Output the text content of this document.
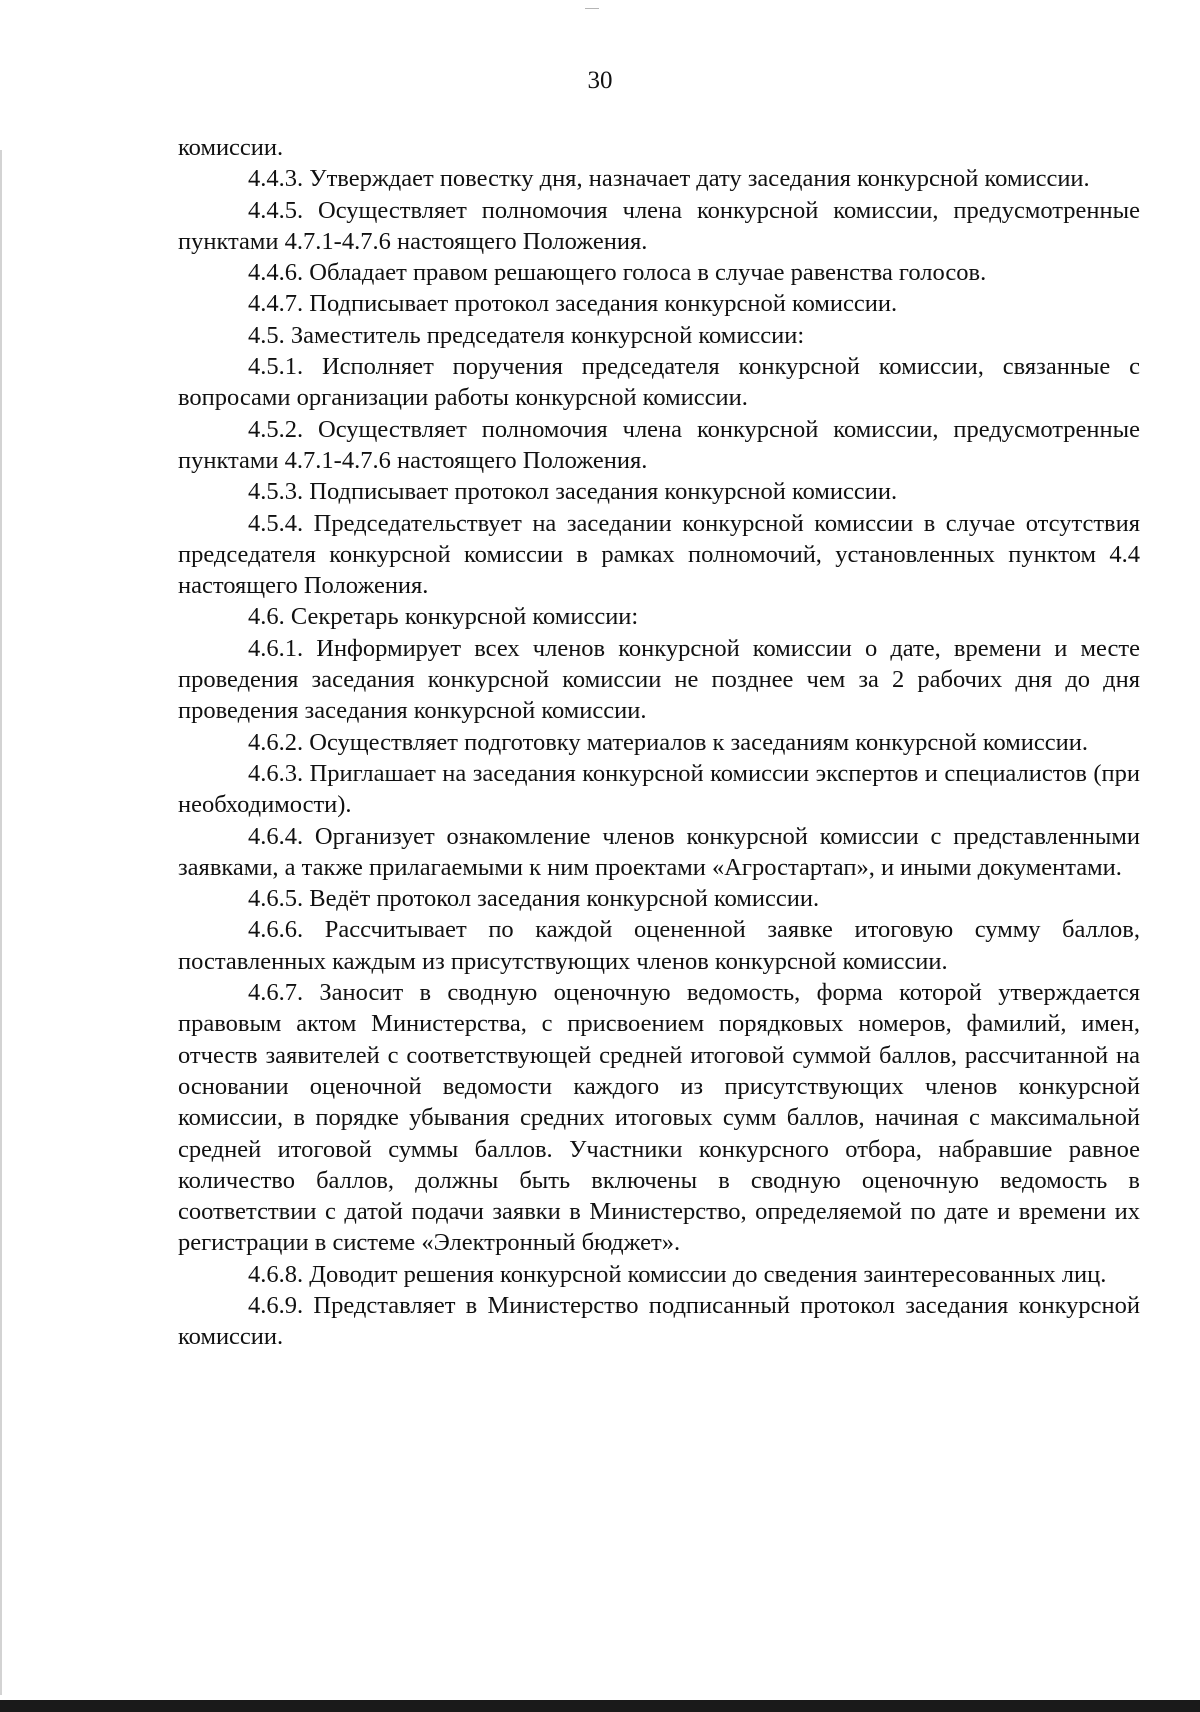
30

комиссии.

4.4.3. Утверждает повестку дня, назначает дату заседания конкурсной комиссии.

4.4.5. Осуществляет полномочия члена конкурсной комиссии, предусмотренные пунктами 4.7.1-4.7.6 настоящего Положения.

4.4.6. Обладает правом решающего голоса в случае равенства голосов.

4.4.7. Подписывает протокол заседания конкурсной комиссии.

4.5. Заместитель председателя конкурсной комиссии:

4.5.1. Исполняет поручения председателя конкурсной комиссии, связанные с вопросами организации работы конкурсной комиссии.

4.5.2. Осуществляет полномочия члена конкурсной комиссии, предусмотренные пунктами 4.7.1-4.7.6 настоящего Положения.

4.5.3. Подписывает протокол заседания конкурсной комиссии.

4.5.4. Председательствует на заседании конкурсной комиссии в случае отсутствия председателя конкурсной комиссии в рамках полномочий, установленных пунктом 4.4 настоящего Положения.

4.6. Секретарь конкурсной комиссии:

4.6.1. Информирует всех членов конкурсной комиссии о дате, времени и месте проведения заседания конкурсной комиссии не позднее чем за 2 рабочих дня до дня проведения заседания конкурсной комиссии.

4.6.2. Осуществляет подготовку материалов к заседаниям конкурсной комиссии.

4.6.3. Приглашает на заседания конкурсной комиссии экспертов и специалистов (при необходимости).

4.6.4. Организует ознакомление членов конкурсной комиссии с представленными заявками, а также прилагаемыми к ним проектами «Агростартап», и иными документами.

4.6.5. Ведёт протокол заседания конкурсной комиссии.

4.6.6. Рассчитывает по каждой оцененной заявке итоговую сумму баллов, поставленных каждым из присутствующих членов конкурсной комиссии.

4.6.7. Заносит в сводную оценочную ведомость, форма которой утверждается правовым актом Министерства, с присвоением порядковых номеров, фамилий, имен, отчеств заявителей с соответствующей средней итоговой суммой баллов, рассчитанной на основании оценочной ведомости каждого из присутствующих членов конкурсной комиссии, в порядке убывания средних итоговых сумм баллов, начиная с максимальной средней итоговой суммы баллов. Участники конкурсного отбора, набравшие равное количество баллов, должны быть включены в сводную оценочную ведомость в соответствии с датой подачи заявки в Министерство, определяемой по дате и времени их регистрации в системе «Электронный бюджет».

4.6.8. Доводит решения конкурсной комиссии до сведения заинтересованных лиц.

4.6.9. Представляет в Министерство подписанный протокол заседания конкурсной комиссии.
